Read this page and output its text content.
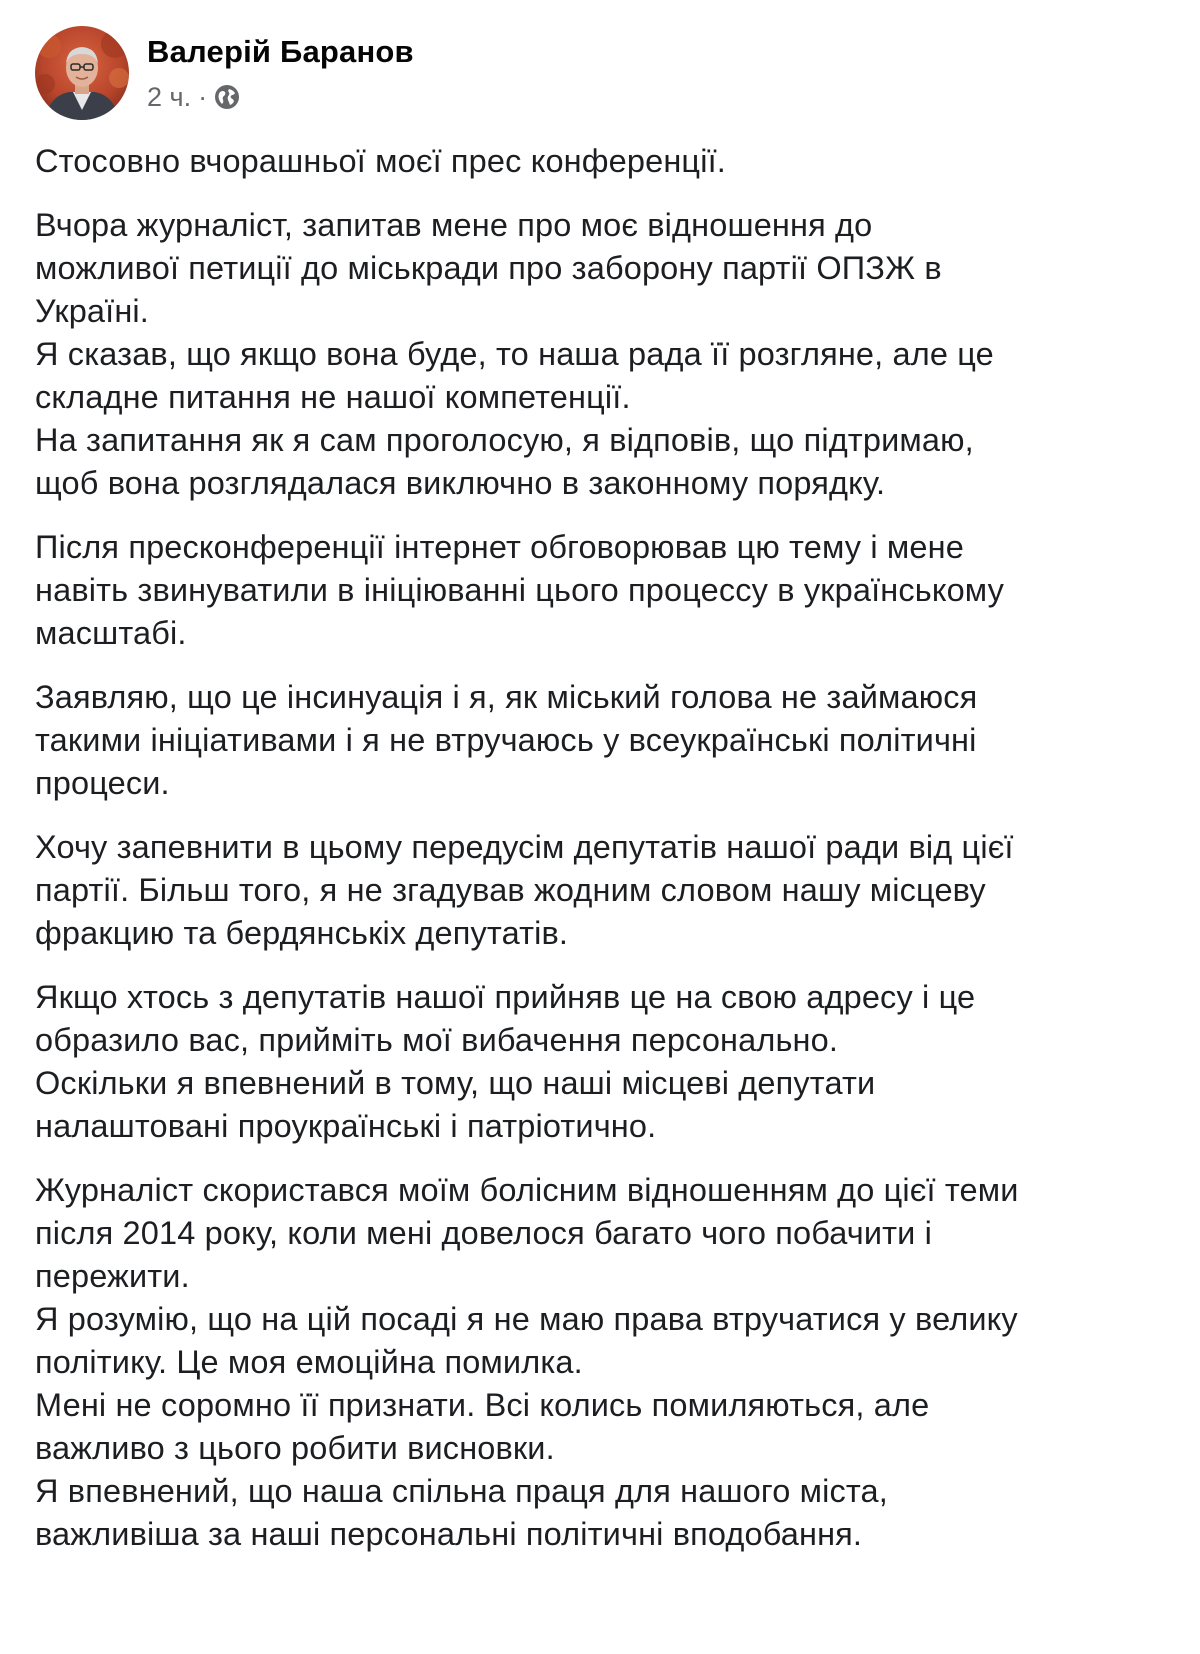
Валерій Баранов
2 ч. ·

Стосовно вчорашньої моєї прес конференції.

Вчора журналіст, запитав мене про моє відношення до
можливої петиції до міськради про заборону партії ОПЗЖ в
Україні.
Я сказав, що якщо вона буде, то наша рада її розгляне, але це
складне питання не нашої компетенції.
На запитання як я сам проголосую, я відповів, що підтримаю,
щоб вона розглядалася виключно в законному порядку.

Після пресконференції інтернет обговорював цю тему і мене
навіть звинуватили в ініціюванні цього процессу в українському
масштабі.

Заявляю, що це інсинуація і я, як міський голова не займаюся
такими ініціативами і я не втручаюсь у всеукраїнські політичні
процеси.

Хочу запевнити в цьому передусім депутатів нашої ради від цієї
партії. Більш того, я не згадував жодним словом нашу місцеву
фракцию та бердянськіх депутатів.

Якщо хтось з депутатів нашої прийняв це на свою адресу і це
образило вас, прийміть мої вибачення персонально.
Оскільки я впевнений в тому, що наші місцеві депутати
налаштовані проукраїнські і патріотично.

Журналіст скористався моїм болісним відношенням до цієї теми
після 2014 року, коли мені довелося багато чого побачити і
пережити.
Я розумію, що на цій посаді я не маю права втручатися у велику
політику. Це моя емоційна помилка.
Мені не соромно її признати. Всі колись помиляються, але
важливо з цього робити висновки.
Я впевнений, що наша спільна праця для нашого міста,
важливіша за наші персональні політичні вподобання.
